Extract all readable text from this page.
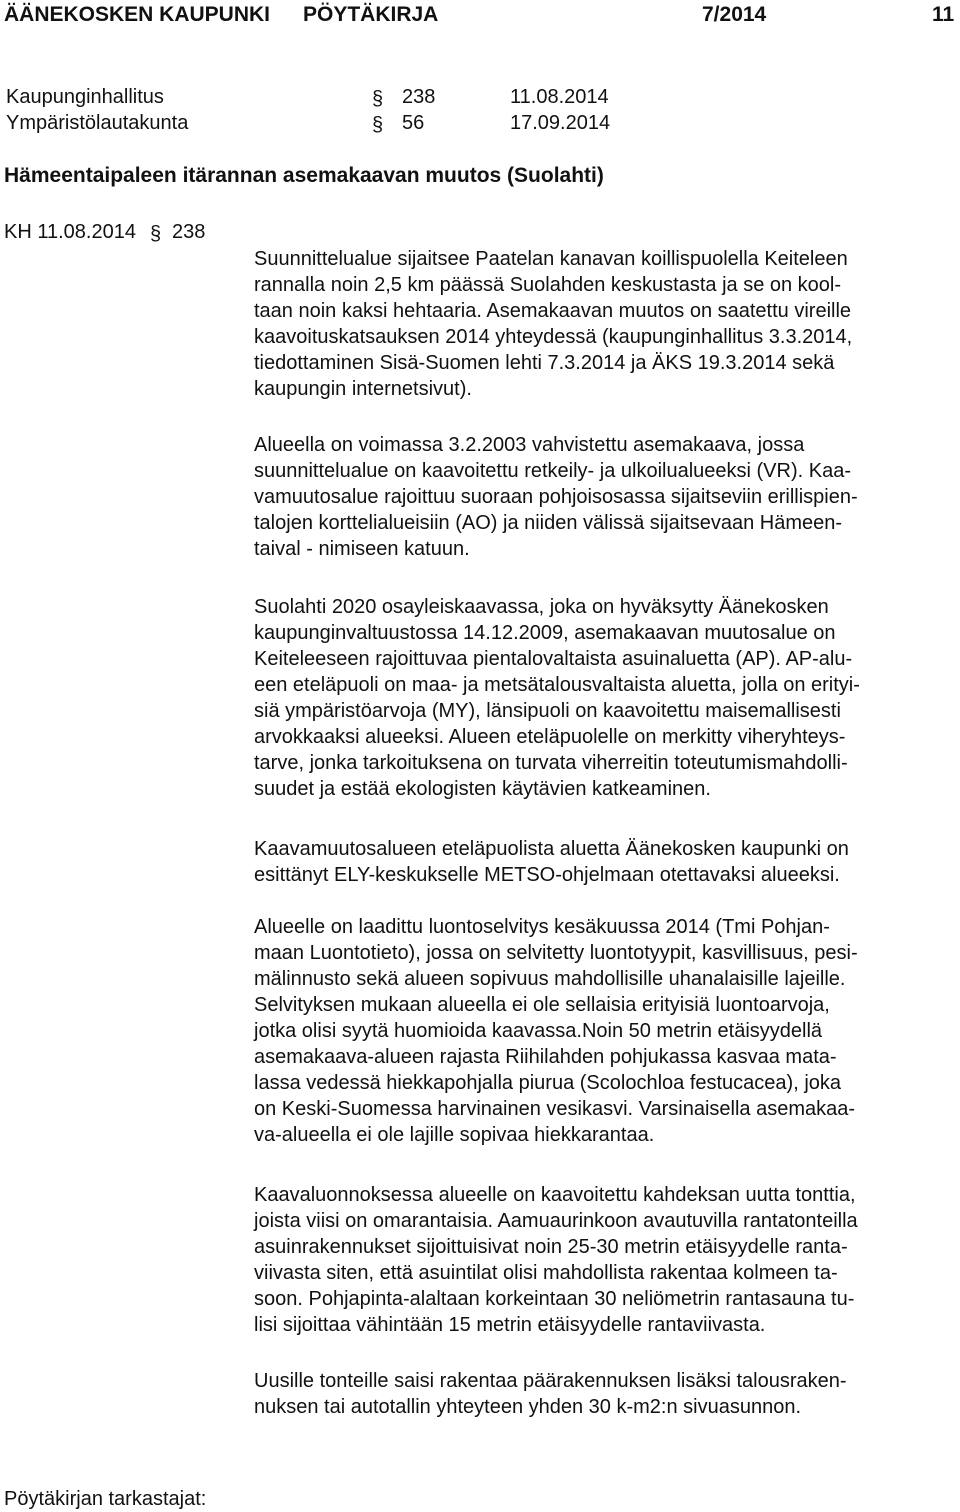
ÄÄNEKOSKEN KAUPUNKI PÖYTÄKIRJA	7/2014	11
Kaupunginhallitus	§ 238	11.08.2014
Ympäristölautakunta	§ 56	17.09.2014
Hämeentaipaleen itärannan asemakaavan muutos (Suolahti)
KH 11.08.2014 § 238
Suunnittelualue sijaitsee Paatelan kanavan koillispuolella Keiteleen
rannalla noin 2,5 km päässä Suolahden keskustasta ja se on kool-
taan noin kaksi hehtaaria. Asemakaavan muutos on saatettu vireille
kaavoituskatsauksen 2014 yhteydessä (kaupunginhallitus 3.3.2014,
tiedottaminen Sisä-Suomen lehti 7.3.2014 ja ÄKS 19.3.2014 sekä
kaupungin internetsivut).
Alueella on voimassa 3.2.2003 vahvistettu asemakaava, jossa
suunnittelualue on kaavoitettu retkeily- ja ulkoilualueeksi (VR). Kaa-
vamuutosalue rajoittuu suoraan pohjoisosassa sijaitseviin erillispien-
talojen korttelialueisiin (AO) ja niiden välissä sijaitsevaan Hämeen-
taival - nimiseen katuun.
Suolahti 2020 osayleiskaavassa, joka on hyväksytty Äänekosken
kaupunginvaltuustossa 14.12.2009, asemakaavan muutosalue on
Keiteleeseen rajoittuvaa pientalovaltaista asuinaluetta (AP). AP-alu-
een eteläpuoli on maa- ja metsätalousvaltaista aluetta, jolla on erityi-
siä ympäristöarvoja (MY), länsipuoli on kaavoitettu maisemallisesti
arvokkaaksi alueeksi. Alueen eteläpuolelle on merkitty viheryhteys-
tarve, jonka tarkoituksena on turvata viherreitin toteutumismahdolli-
suudet ja estää ekologisten käytävien katkeaminen.
Kaavamuutosalueen eteläpuolista aluetta Äänekosken kaupunki on
esittänyt ELY-keskukselle METSO-ohjelmaan otettavaksi alueeksi.
Alueelle on laadittu luontoselvitys kesäkuussa 2014 (Tmi Pohjan-
maan Luontotieto), jossa on selvitetty luontotyypit, kasvillisuus, pesi-
mälinnusto sekä alueen sopivuus mahdollisille uhanalaisille lajeille.
Selvityksen mukaan alueella ei ole sellaisia erityisiä luontoarvoja,
jotka olisi syytä huomioida kaavassa.Noin 50 metrin etäisyydellä
asemakaava-alueen rajasta Riihilahden pohjukassa kasvaa mata-
lassa vedessä hiekkapohjalla piurua (Scolochloa festucacea), joka
on Keski-Suomessa harvinainen vesikasvi. Varsinaisella asemakaa-
va-alueella ei ole lajille sopivaa hiekkarantaa.
Kaavaluonnoksessa alueelle on kaavoitettu kahdeksan uutta tonttia,
joista viisi on omarantaisia. Aamuaurinkoon avautuvilla rantatonteilla
asuinrakennukset sijoittuisivat noin 25-30 metrin etäisyydelle ranta-
viivasta siten, että asuintilat olisi mahdollista rakentaa kolmeen ta-
soon. Pohjapinta-alaltaan korkeintaan 30 neliömetrin rantasauna tu-
lisi sijoittaa vähintään 15 metrin etäisyydelle rantaviivasta.
Uusille tonteille saisi rakentaa päärakennuksen lisäksi talousraken-
nuksen tai autotallin yhteyteen yhden 30 k-m2:n sivuasunnon.
Pöytäkirjan tarkastajat:
